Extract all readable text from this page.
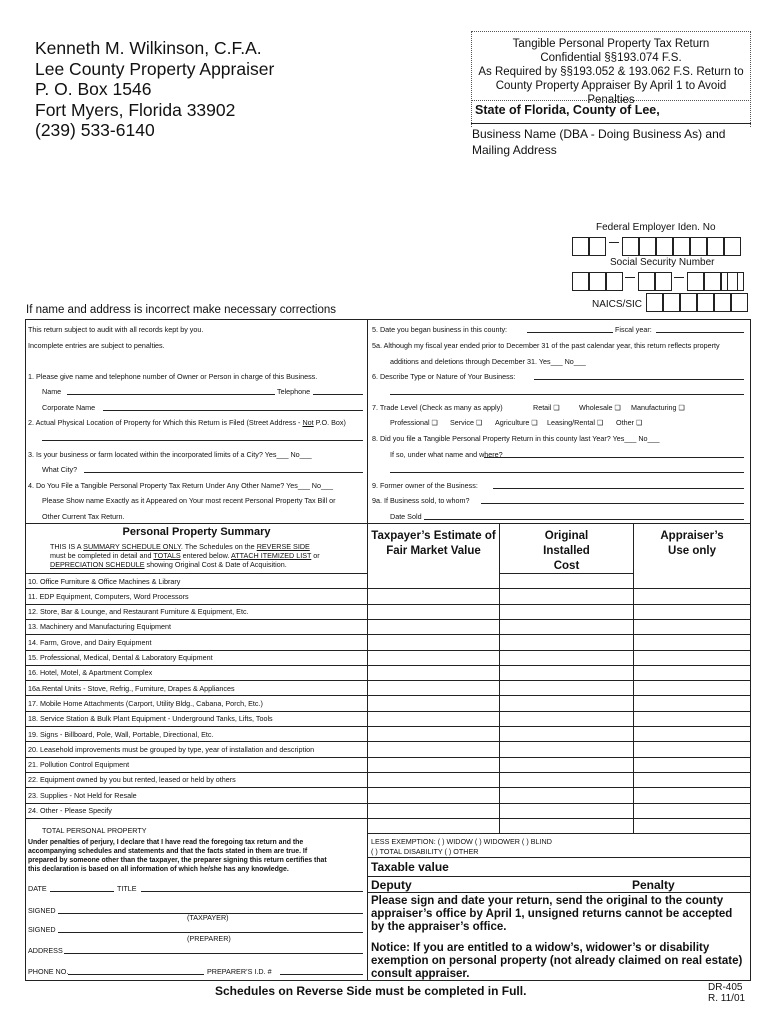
Kenneth M. Wilkinson, C.F.A.
Lee County Property Appraiser
P. O. Box 1546
Fort Myers, Florida 33902
(239) 533-6140
Tangible Personal Property Tax Return
Confidential §§193.074 F.S.
As Required by §§193.052 & 193.062 F.S. Return to
County Property Appraiser By April 1 to Avoid Penalties
State of Florida, County of Lee,
Business Name (DBA - Doing Business As) and Mailing Address
Federal Employer Iden. No
Social Security Number
NAICS/SIC
If name and address is incorrect make necessary corrections
This return subject to audit with all records kept by you.
Incomplete entries are subject to penalties.
1. Please give name and telephone number of Owner or Person in charge of this Business.
Name	Telephone
Corporate Name
2. Actual Physical Location of Property for Which this Return is Filed (Street Address - Not P.O. Box)
3. Is your business or farm located within the incorporated limits of a City? Yes___ No___
What City?
4. Do You File a Tangible Personal Property Tax Return Under Any Other Name? Yes___ No___
Please Show name Exactly as it Appeared on Your most recent Personal Property Tax Bill or
Other Current Tax Return.
5. Date you began business in this county:	Fiscal year:
5a. Although my fiscal year ended prior to December 31 of the past calendar year, this return reflects property
additions and deletions through December 31. Yes___ No___
6. Describe Type or Nature of Your Business:
7. Trade Level (Check as many as apply)	Retail ❑	Wholesale ❑ Manufacturing ❑
Professional ❑ Service ❑ Agriculture ❑ Leasing/Rental ❑ Other ❑
8. Did you file a Tangible Personal Property Return in this county last Year? Yes___ No___
If so, under what name and where?
9. Former owner of the Business:
9a. If Business sold, to whom?
Date Sold
Personal Property Summary
THIS IS A SUMMARY SCHEDULE ONLY. The Schedules on the REVERSE SIDE
must be completed in detail and TOTALS entered below. ATTACH ITEMIZED LIST or
DEPRECIATION SCHEDULE showing Original Cost & Date of Acquisition.
Taxpayer’s Estimate of
Fair Market Value
Original
Installed
Cost
Appraiser’s
Use only
10. Office Furniture & Office Machines & Library
11. EDP Equipment, Computers, Word Processors
12. Store, Bar & Lounge, and Restaurant Furniture & Equipment, Etc.
13. Machinery and Manufacturing Equipment
14. Farm, Grove, and Dairy Equipment
15. Professional, Medical, Dental & Laboratory Equipment
16. Hotel, Motel, & Apartment Complex
16a.Rental Units - Stove, Refrig., Furniture, Drapes & Appliances
17. Mobile Home Attachments (Carport, Utility Bldg., Cabana, Porch, Etc.)
18. Service Station & Bulk Plant Equipment - Underground Tanks, Lifts, Tools
19. Signs - Billboard, Pole, Wall, Portable, Directional, Etc.
20. Leasehold improvements must be grouped by type, year of installation and description
21. Pollution Control Equipment
22. Equipment owned by you but rented, leased or held by others
23. Supplies - Not Held for Resale
24. Other - Please Specify
TOTAL PERSONAL PROPERTY
Under penalties of perjury, I declare that I have read the foregoing tax return and the
accompanying schedules and statements and that the facts stated in them are true. If
prepared by someone other than the taxpayer, the preparer signing this return certifies that
this declaration is based on all information of which he/she has any knowledge.
DATE	TITLE
SIGNED
(TAXPAYER)
SIGNED
(PREPARER)
ADDRESS
PHONE NO.	PREPARER’S I.D. #
LESS EXEMPTION: ( ) WIDOW ( ) WIDOWER ( ) BLIND
( ) TOTAL DISABILITY ( ) OTHER
Taxable value
Deputy	Penalty
Please sign and date your return, send the original to the county
appraiser’s office by April 1, unsigned returns cannot be accepted
by the appraiser’s office.
Notice: If you are entitled to a widow’s, widower’s or disability
exemption on personal property (not already claimed on real estate)
consult appraiser.
Schedules on Reverse Side must be completed in Full.	DR-405
R. 11/01
